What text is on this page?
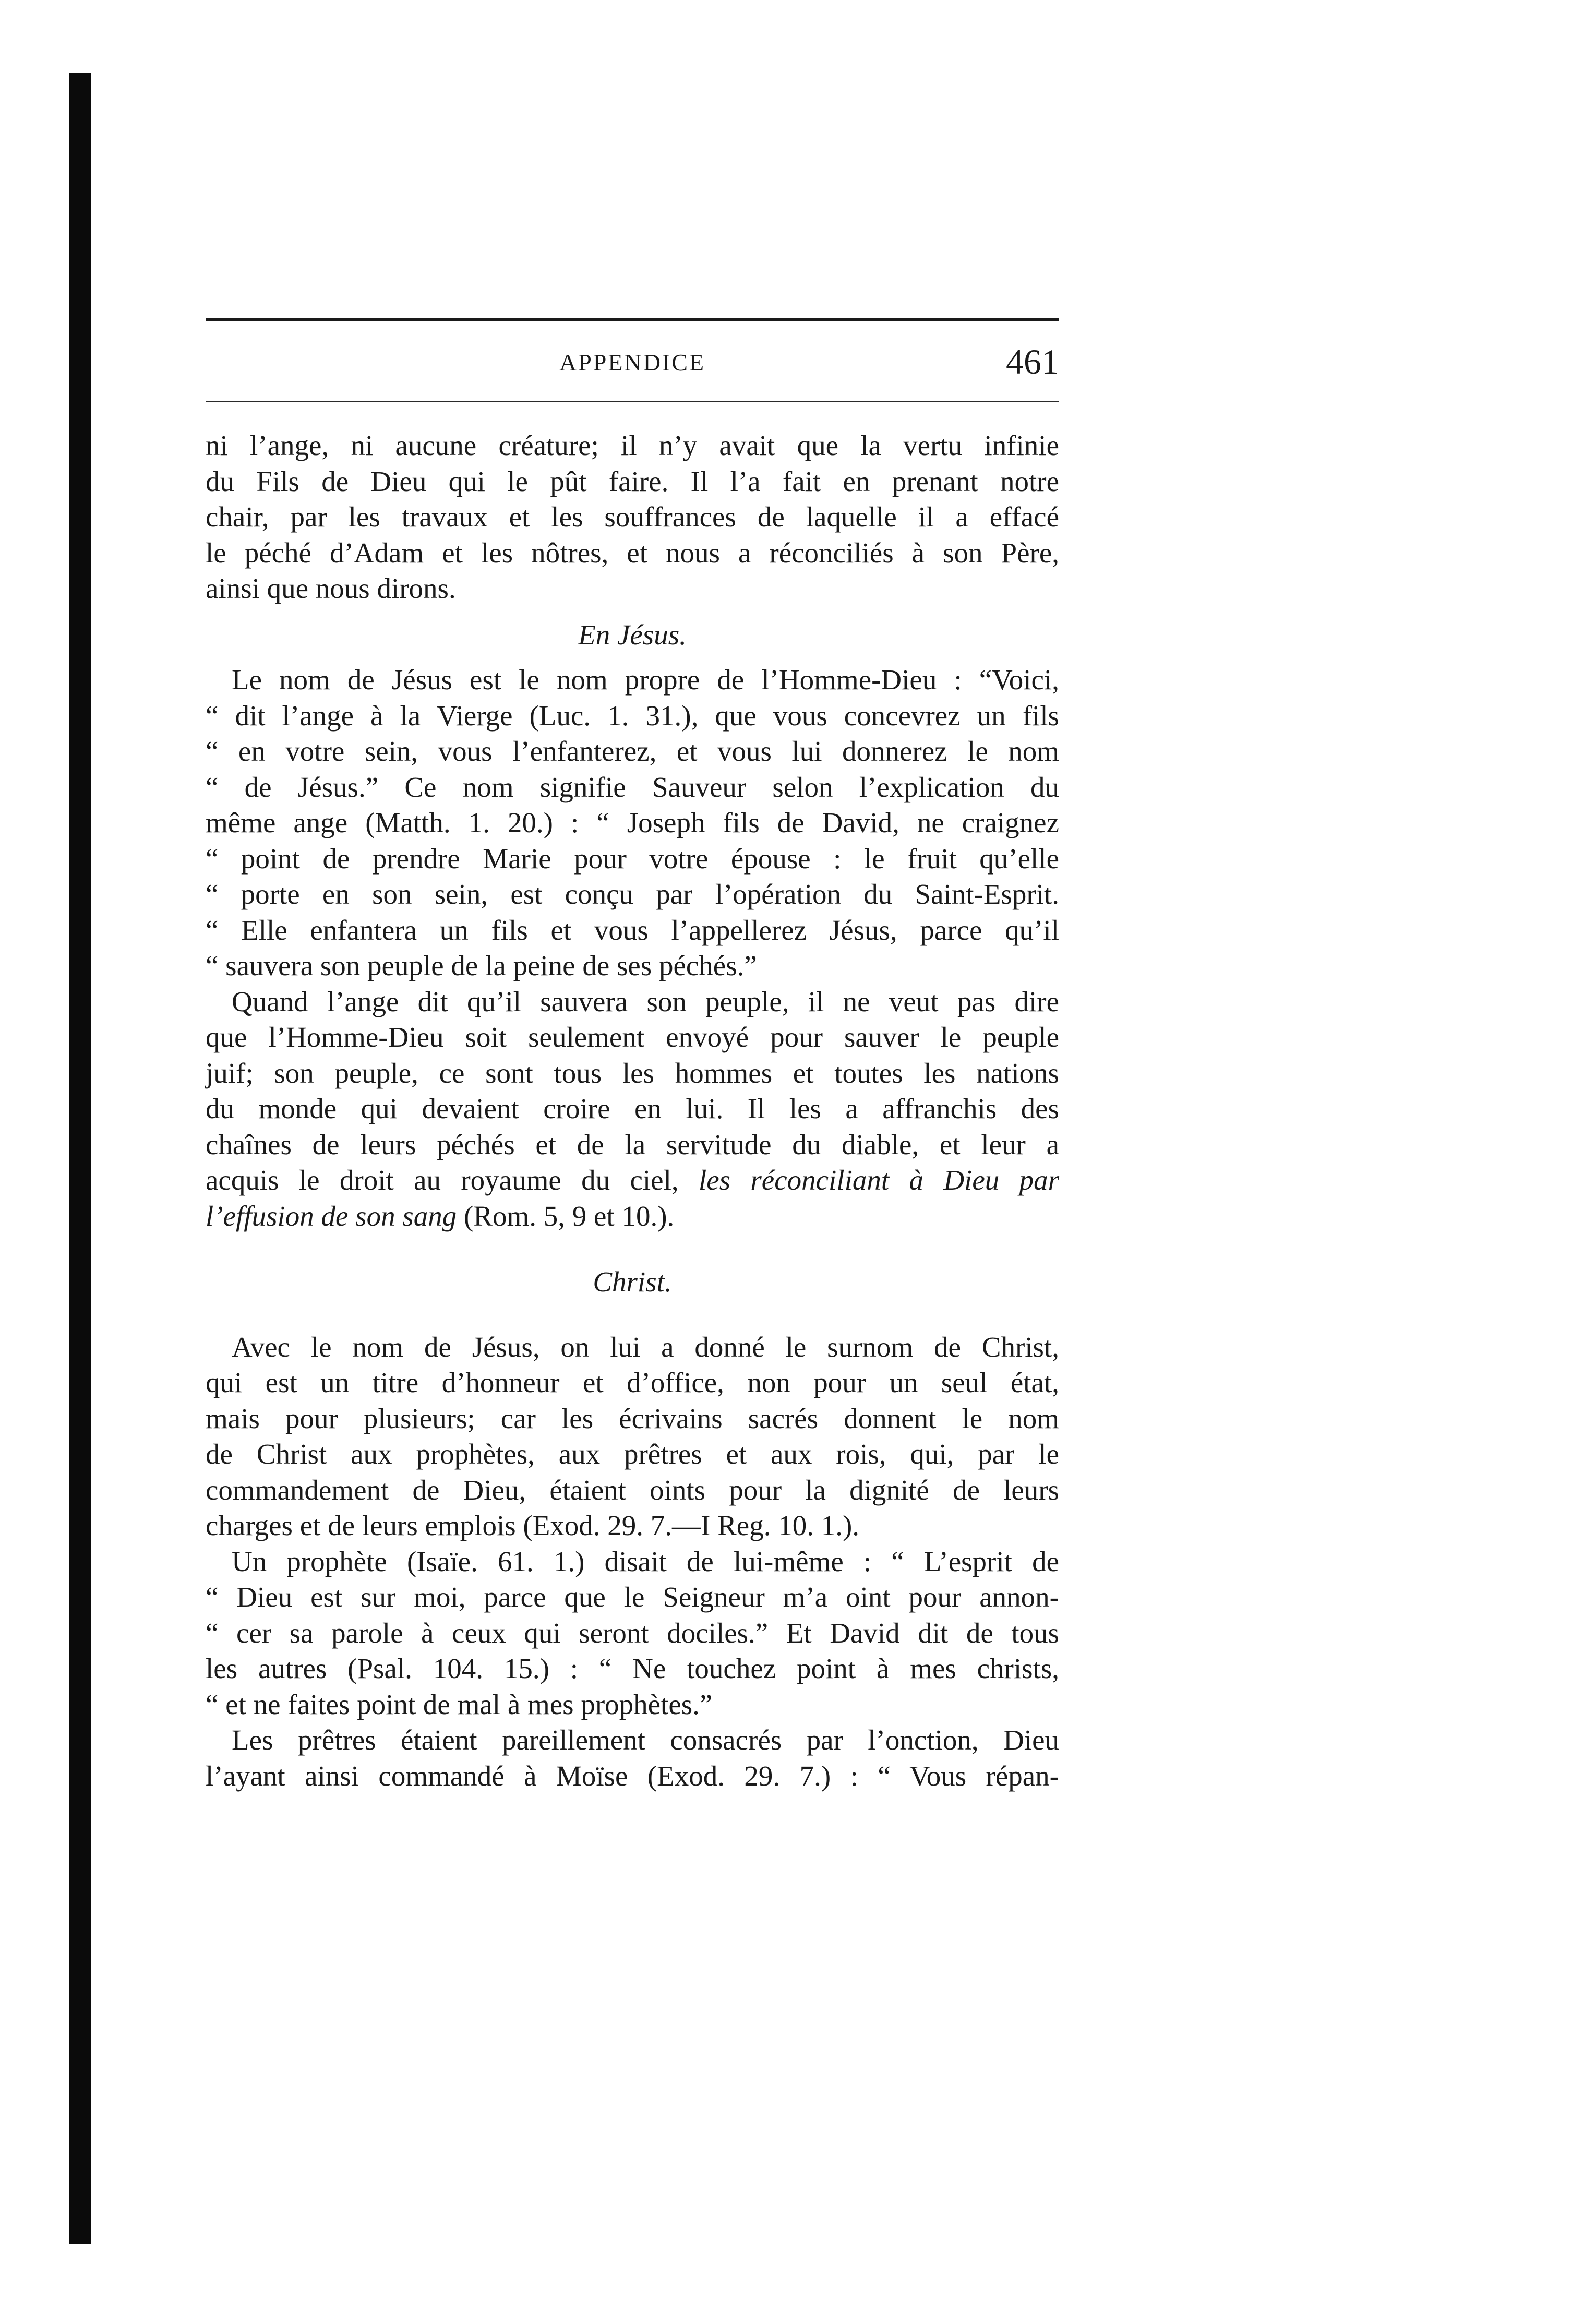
APPENDICE	461
ni l’ange, ni aucune créature; il n’y avait que la vertu infinie
du Fils de Dieu qui le pût faire. Il l’a fait en prenant notre
chair, par les travaux et les souffrances de laquelle il a effacé
le péché d’Adam et les nôtres, et nous a réconciliés à son Père,
ainsi que nous dirons.
En Jésus.
Le nom de Jésus est le nom propre de l’Homme-Dieu : “Voici,
“ dit l’ange à la Vierge (Luc. 1. 31.), que vous concevrez un fils
“ en votre sein, vous l’enfanterez, et vous lui donnerez le nom
“ de Jésus.” Ce nom signifie Sauveur selon l’explication du
même ange (Matth. 1. 20.) : “ Joseph fils de David, ne craignez
“ point de prendre Marie pour votre épouse : le fruit qu’elle
“ porte en son sein, est conçu par l’opération du Saint-Esprit.
“ Elle enfantera un fils et vous l’appellerez Jésus, parce qu’il
“ sauvera son peuple de la peine de ses péchés.”
Quand l’ange dit qu’il sauvera son peuple, il ne veut pas dire
que l’Homme-Dieu soit seulement envoyé pour sauver le peuple
juif; son peuple, ce sont tous les hommes et toutes les nations
du monde qui devaient croire en lui. Il les a affranchis des
chaînes de leurs péchés et de la servitude du diable, et leur a
acquis le droit au royaume du ciel, les réconciliant à Dieu par
l’effusion de son sang (Rom. 5, 9 et 10.).
Christ.
Avec le nom de Jésus, on lui a donné le surnom de Christ,
qui est un titre d’honneur et d’office, non pour un seul état,
mais pour plusieurs; car les écrivains sacrés donnent le nom
de Christ aux prophètes, aux prêtres et aux rois, qui, par le
commandement de Dieu, étaient oints pour la dignité de leurs
charges et de leurs emplois (Exod. 29. 7.—I Reg. 10. 1.).
Un prophète (Isaïe. 61. 1.) disait de lui-même : “ L’esprit de
“ Dieu est sur moi, parce que le Seigneur m’a oint pour annon-
“ cer sa parole à ceux qui seront dociles.” Et David dit de tous
les autres (Psal. 104. 15.) : “ Ne touchez point à mes christs,
“ et ne faites point de mal à mes prophètes.”
Les prêtres étaient pareillement consacrés par l’onction, Dieu
l’ayant ainsi commandé à Moïse (Exod. 29. 7.) : “ Vous répan-
